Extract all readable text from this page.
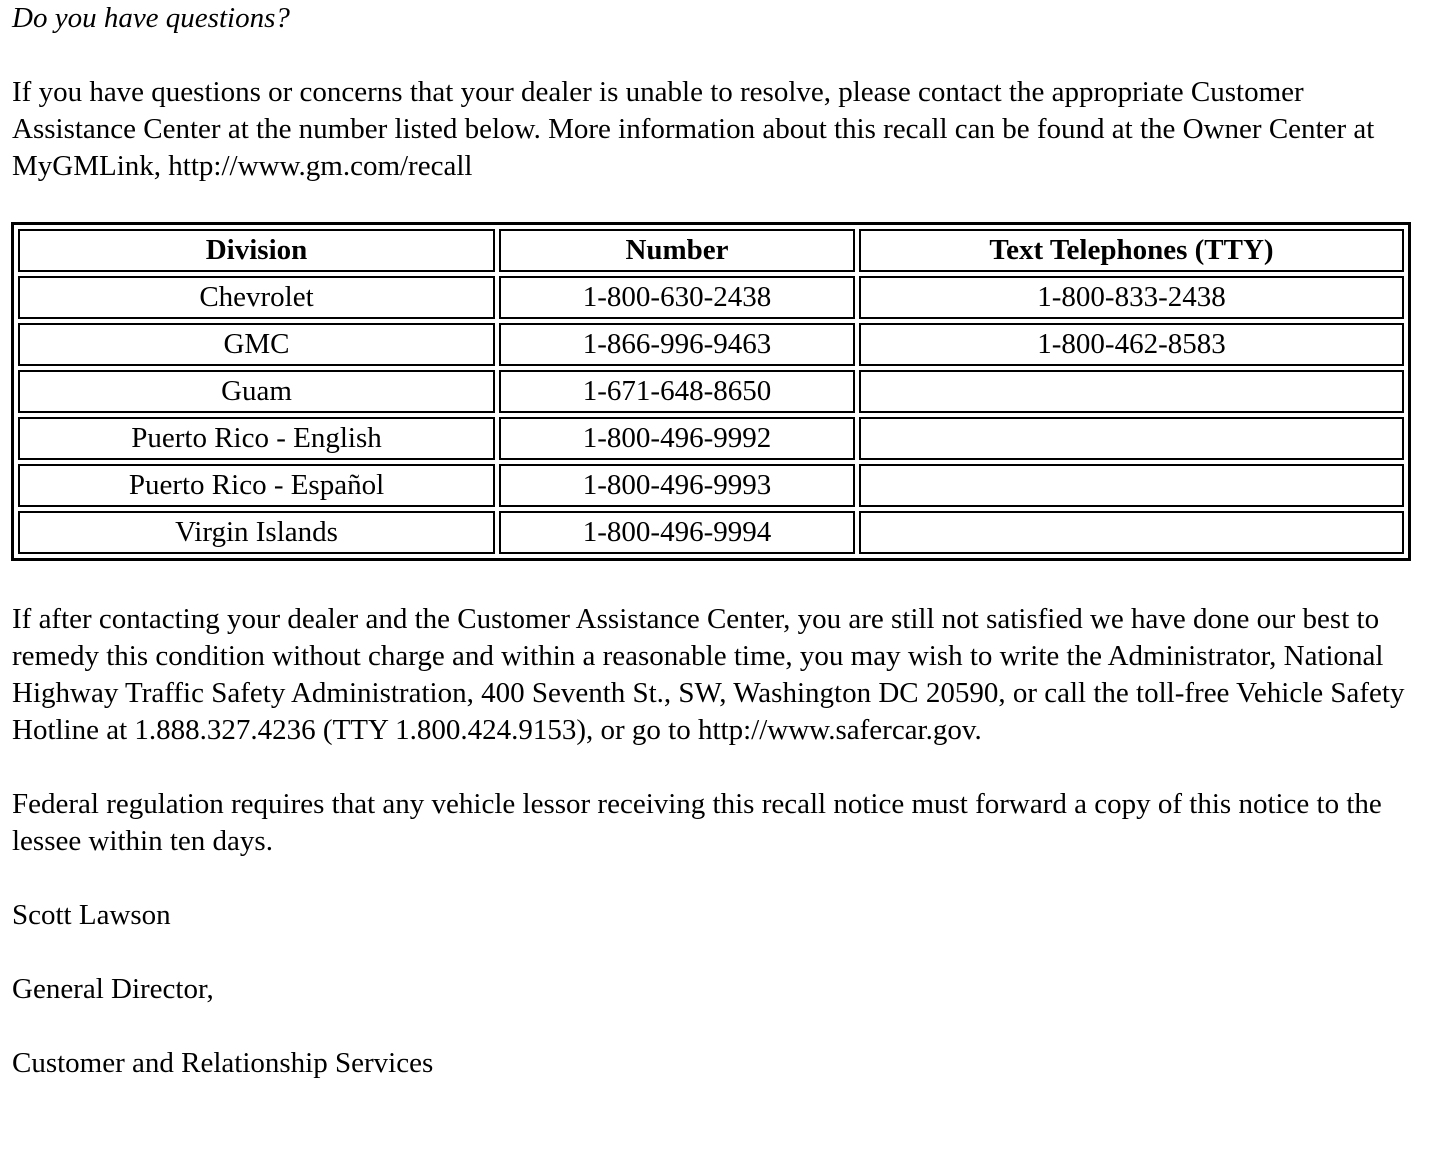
Do you have questions?

If you have questions or concerns that your dealer is unable to resolve, please contact the appropriate Customer Assistance Center at the number listed below. More information about this recall can be found at the Owner Center at MyGMLink, http://www.gm.com/recall

Division	Number	Text Telephones (TTY)
Chevrolet	1-800-630-2438	1-800-833-2438
GMC	1-866-996-9463	1-800-462-8583
Guam	1-671-648-8650	
Puerto Rico - English	1-800-496-9992	
Puerto Rico - Español	1-800-496-9993	
Virgin Islands	1-800-496-9994	

If after contacting your dealer and the Customer Assistance Center, you are still not satisfied we have done our best to remedy this condition without charge and within a reasonable time, you may wish to write the Administrator, National Highway Traffic Safety Administration, 400 Seventh St., SW, Washington DC 20590, or call the toll-free Vehicle Safety Hotline at 1.888.327.4236 (TTY 1.800.424.9153), or go to http://www.safercar.gov.

Federal regulation requires that any vehicle lessor receiving this recall notice must forward a copy of this notice to the lessee within ten days.

Scott Lawson

General Director,

Customer and Relationship Services
